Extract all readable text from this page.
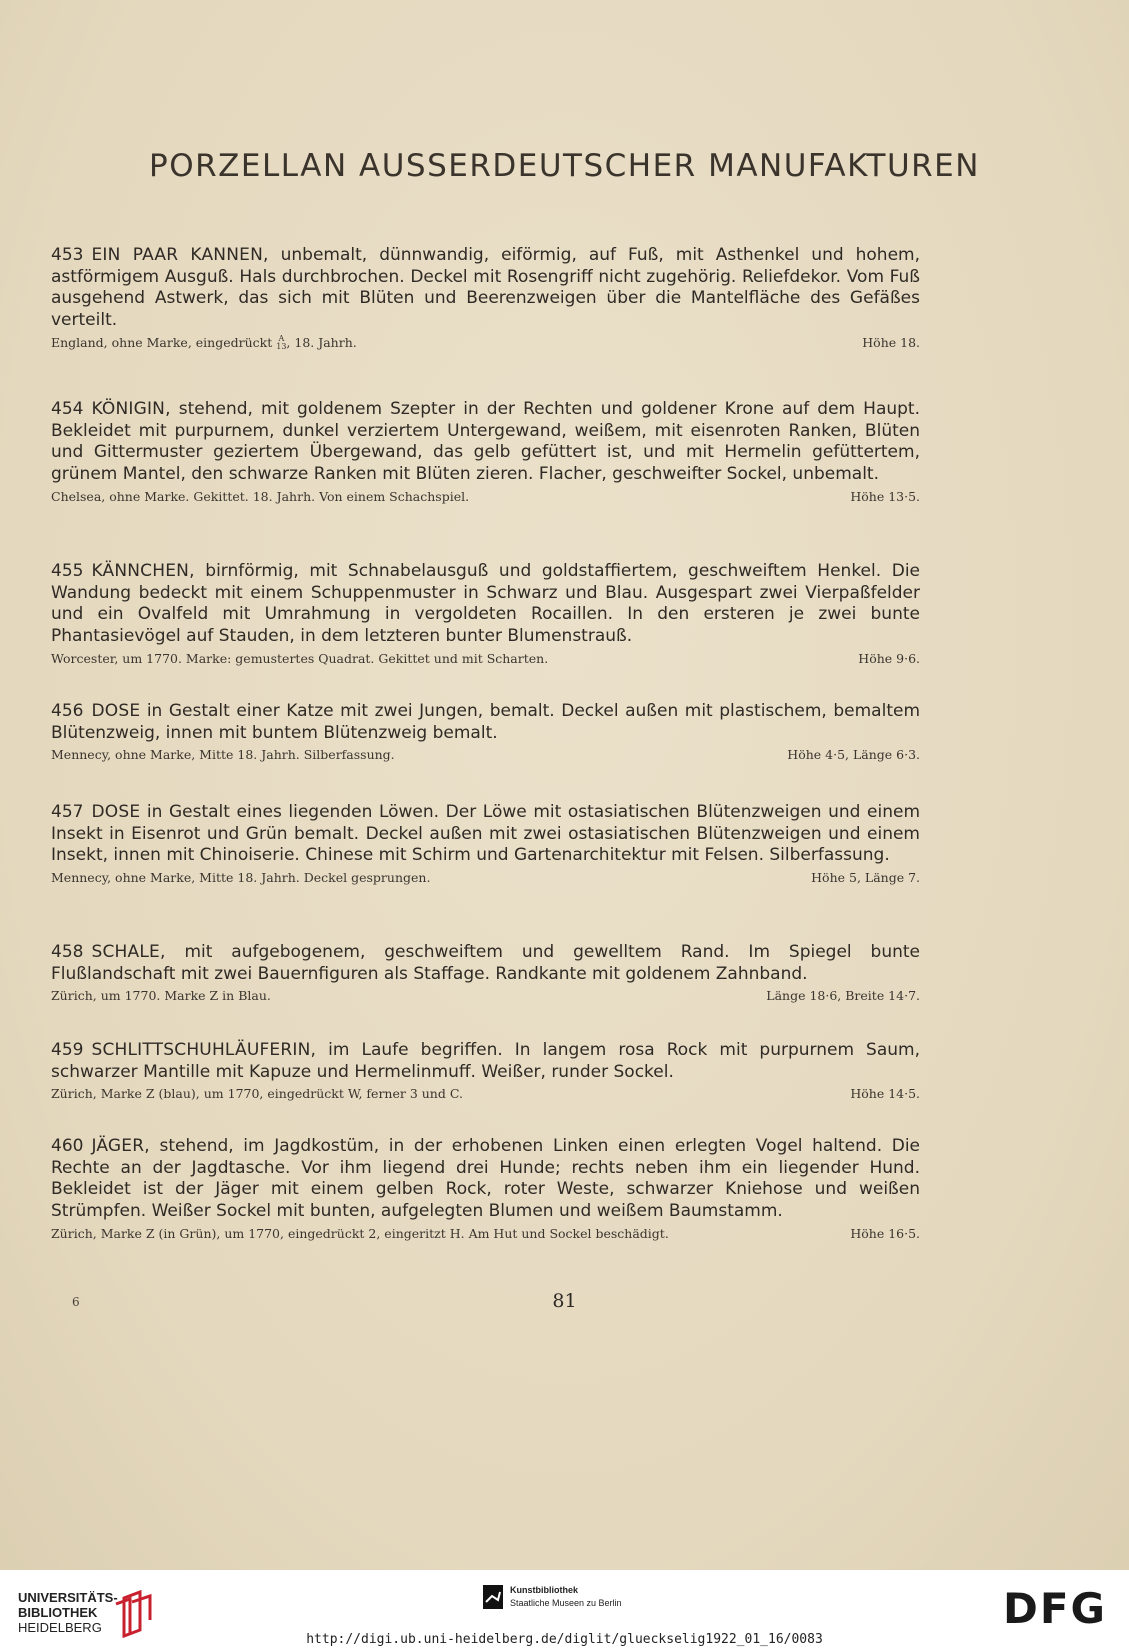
PORZELLAN AUSSERDEUTSCHER MANUFAKTUREN

453 EIN PAAR KANNEN, unbemalt, dünnwandig, eiförmig, auf Fuß, mit Asthenkel und hohem, astförmigem Ausguß. Hals durchbrochen. Deckel mit Rosengriff nicht zugehörig. Reliefdekor. Vom Fuß ausgehend Astwerk, das sich mit Blüten und Beerenzweigen über die Mantelfläche des Gefäßes verteilt.

England, ohne Marke, eingedrückt A
13, 18. Jahrh.	Höhe 18.

454 KÖNIGIN, stehend, mit goldenem Szepter in der Rechten und goldener Krone auf dem Haupt. Bekleidet mit purpurnem, dunkel verziertem Untergewand, weißem, mit eisenroten Ranken, Blüten und Gittermuster geziertem Übergewand, das gelb gefüttert ist, und mit Hermelin gefüttertem, grünem Mantel, den schwarze Ranken mit Blüten zieren. Flacher, geschweifter Sockel, unbemalt.

Chelsea, ohne Marke. Gekittet. 18. Jahrh. Von einem Schachspiel.	Höhe 13·5.

455 KÄNNCHEN, birnförmig, mit Schnabelausguß und goldstaffiertem, geschweiftem Henkel. Die Wandung bedeckt mit einem Schuppenmuster in Schwarz und Blau. Ausgespart zwei Vierpaßfelder und ein Ovalfeld mit Umrahmung in vergoldeten Rocaillen. In den ersteren je zwei bunte Phantasievögel auf Stauden, in dem letzteren bunter Blumenstrauß.

Worcester, um 1770. Marke: gemustertes Quadrat. Gekittet und mit Scharten.	Höhe 9·6.

456 DOSE in Gestalt einer Katze mit zwei Jungen, bemalt. Deckel außen mit plastischem, bemaltem Blütenzweig, innen mit buntem Blütenzweig bemalt.

Mennecy, ohne Marke, Mitte 18. Jahrh. Silberfassung.	Höhe 4·5, Länge 6·3.

457 DOSE in Gestalt eines liegenden Löwen. Der Löwe mit ostasiatischen Blütenzweigen und einem Insekt in Eisenrot und Grün bemalt. Deckel außen mit zwei ostasiatischen Blütenzweigen und einem Insekt, innen mit Chinoiserie. Chinese mit Schirm und Gartenarchitektur mit Felsen. Silberfassung.

Mennecy, ohne Marke, Mitte 18. Jahrh. Deckel gesprungen.	Höhe 5, Länge 7.

458 SCHALE, mit aufgebogenem, geschweiftem und gewelltem Rand. Im Spiegel bunte Flußlandschaft mit zwei Bauernfiguren als Staffage. Randkante mit goldenem Zahnband.

Zürich, um 1770. Marke Z in Blau.	Länge 18·6, Breite 14·7.

459 SCHLITTSCHUHLÄUFERIN, im Laufe begriffen. In langem rosa Rock mit purpurnem Saum, schwarzer Mantille mit Kapuze und Hermelinmuff. Weißer, runder Sockel.

Zürich, Marke Z (blau), um 1770, eingedrückt W, ferner 3 und C.	Höhe 14·5.

460 JÄGER, stehend, im Jagdkostüm, in der erhobenen Linken einen erlegten Vogel haltend. Die Rechte an der Jagdtasche. Vor ihm liegend drei Hunde; rechts neben ihm ein liegender Hund. Bekleidet ist der Jäger mit einem gelben Rock, roter Weste, schwarzer Kniehose und weißen Strümpfen. Weißer Sockel mit bunten, aufgelegten Blumen und weißem Baumstamm.

Zürich, Marke Z (in Grün), um 1770, eingedrückt 2, eingeritzt H. Am Hut und Sockel beschädigt.	Höhe 16·5.
6	81
UNIVERSITÄTS-
BIBLIOTHEK
HEIDELBERG
Kunstbibliothek
Staatliche Museen zu Berlin	DFG
http://digi.ub.uni-heidelberg.de/diglit/glueckselig1922_01_16/0083
